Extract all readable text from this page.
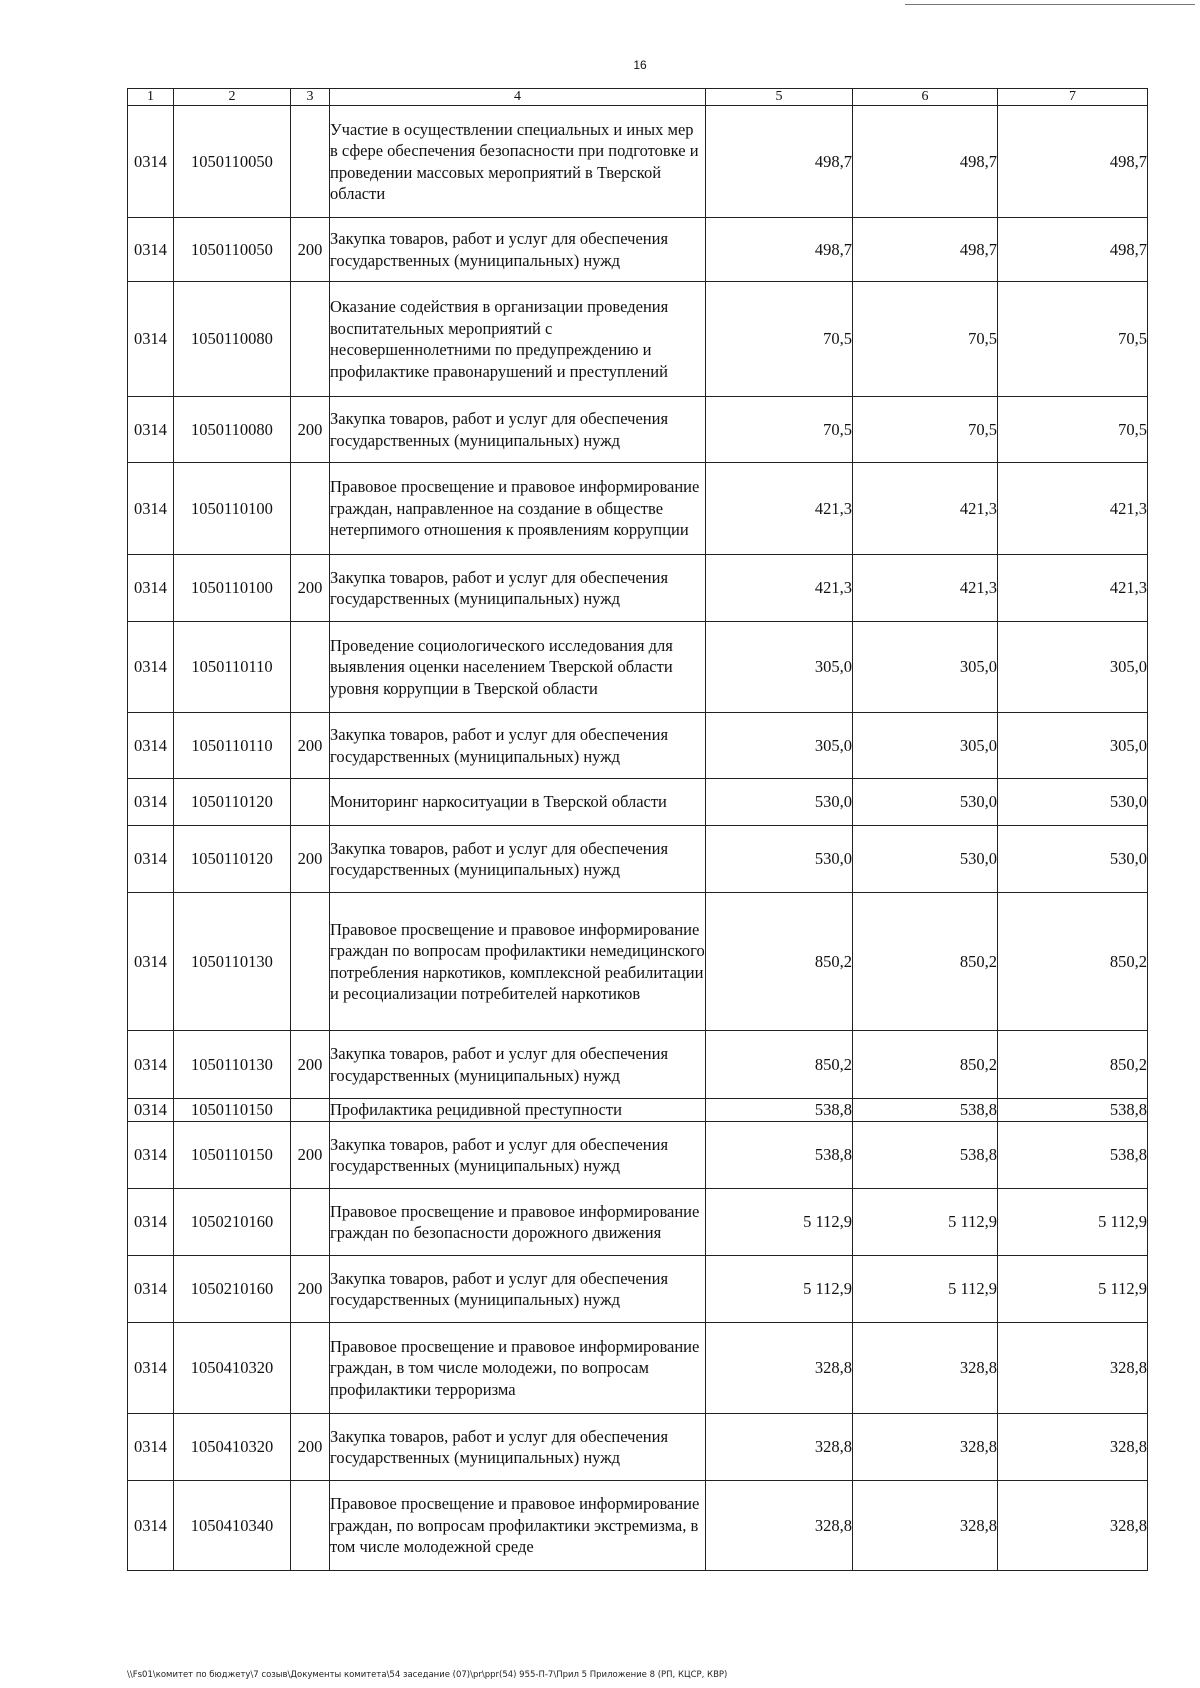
16
1	2	3	4	5	6	7
0314	1050110050		Участие в осуществлении специальных и иных мер в сфере обеспечения безопасности при подготовке и проведении массовых мероприятий в Тверской области	498,7	498,7	498,7
0314	1050110050	200	Закупка товаров, работ и услуг для обеспечения государственных (муниципальных) нужд	498,7	498,7	498,7
0314	1050110080		Оказание содействия в организации проведения воспитательных мероприятий с несовершеннолетними по предупреждению и профилактике правонарушений и преступлений	70,5	70,5	70,5
0314	1050110080	200	Закупка товаров, работ и услуг для обеспечения государственных (муниципальных) нужд	70,5	70,5	70,5
0314	1050110100		Правовое просвещение и правовое информирование граждан, направленное на создание в обществе нетерпимого отношения к проявлениям коррупции	421,3	421,3	421,3
0314	1050110100	200	Закупка товаров, работ и услуг для обеспечения государственных (муниципальных) нужд	421,3	421,3	421,3
0314	1050110110		Проведение социологического исследования для выявления оценки населением Тверской области уровня коррупции в Тверской области	305,0	305,0	305,0
0314	1050110110	200	Закупка товаров, работ и услуг для обеспечения государственных (муниципальных) нужд	305,0	305,0	305,0
0314	1050110120		Мониторинг наркоситуации в Тверской области	530,0	530,0	530,0
0314	1050110120	200	Закупка товаров, работ и услуг для обеспечения государственных (муниципальных) нужд	530,0	530,0	530,0
0314	1050110130		Правовое просвещение и правовое информирование граждан по вопросам профилактики немедицинского потребления наркотиков, комплексной реабилитации и ресоциализации потребителей наркотиков	850,2	850,2	850,2
0314	1050110130	200	Закупка товаров, работ и услуг для обеспечения государственных (муниципальных) нужд	850,2	850,2	850,2
0314	1050110150		Профилактика рецидивной преступности	538,8	538,8	538,8
0314	1050110150	200	Закупка товаров, работ и услуг для обеспечения государственных (муниципальных) нужд	538,8	538,8	538,8
0314	1050210160		Правовое просвещение и правовое информирование граждан по безопасности дорожного движения	5 112,9	5 112,9	5 112,9
0314	1050210160	200	Закупка товаров, работ и услуг для обеспечения государственных (муниципальных) нужд	5 112,9	5 112,9	5 112,9
0314	1050410320		Правовое просвещение и правовое информирование граждан, в том числе молодежи, по вопросам профилактики терроризма	328,8	328,8	328,8
0314	1050410320	200	Закупка товаров, работ и услуг для обеспечения государственных (муниципальных) нужд	328,8	328,8	328,8
0314	1050410340		Правовое просвещение и правовое информирование граждан, по вопросам профилактики экстремизма, в том числе молодежной среде	328,8	328,8	328,8
\\Fs01\комитет по бюджету\7 созыв\Документы комитета\54 заседание (07)\pr\ppr(54) 955-П-7\Прил 5 Приложение 8 (РП, КЦСР, КВР)
